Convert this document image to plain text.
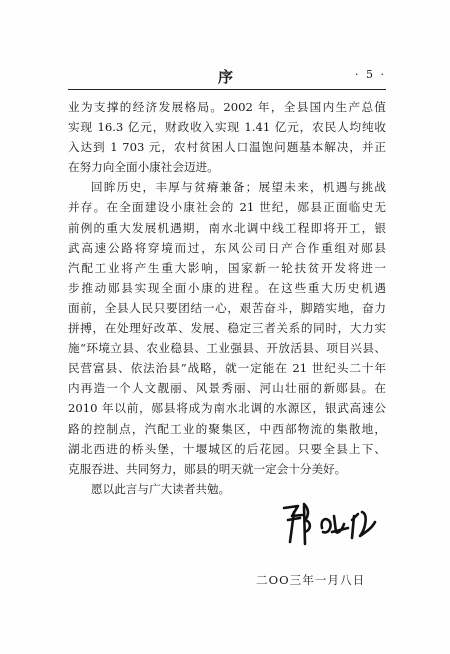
序	· 5 ·
业为支撑的经济发展格局。2002 年，全县国内生产总值
实现 16.3 亿元，财政收入实现 1.41 亿元，农民人均纯收
入达到 1 703 元，农村贫困人口温饱问题基本解决，并正
在努力向全面小康社会迈进。
回眸历史，丰厚与贫瘠兼备；展望未来，机遇与挑战
并存。在全面建设小康社会的 21 世纪，郧县正面临史无
前例的重大发展机遇期，南水北调中线工程即将开工，银
武高速公路将穿境而过，东风公司日产合作重组对郧县
汽配工业将产生重大影响，国家新一轮扶贫开发将进一
步推动郧县实现全面小康的进程。在这些重大历史机遇
面前，全县人民只要团结一心，艰苦奋斗，脚踏实地，奋力
拼搏，在处理好改革、发展、稳定三者关系的同时，大力实
施“环境立县、农业稳县、工业强县、开放活县、项目兴县、
民营富县、依法治县”战略，就一定能在 21 世纪头二十年
内再造一个人文靓丽、风景秀丽、河山壮丽的新郧县。在
2010 年以前，郧县将成为南水北调的水源区，银武高速公
路的控制点，汽配工业的聚集区，中西部物流的集散地，
湖北西进的桥头堡，十堰城区的后花园。只要全县上下、
克服吞进、共同努力，郧县的明天就一定会十分美好。
愿以此言与广大读者共勉。
二OO三年一月八日
